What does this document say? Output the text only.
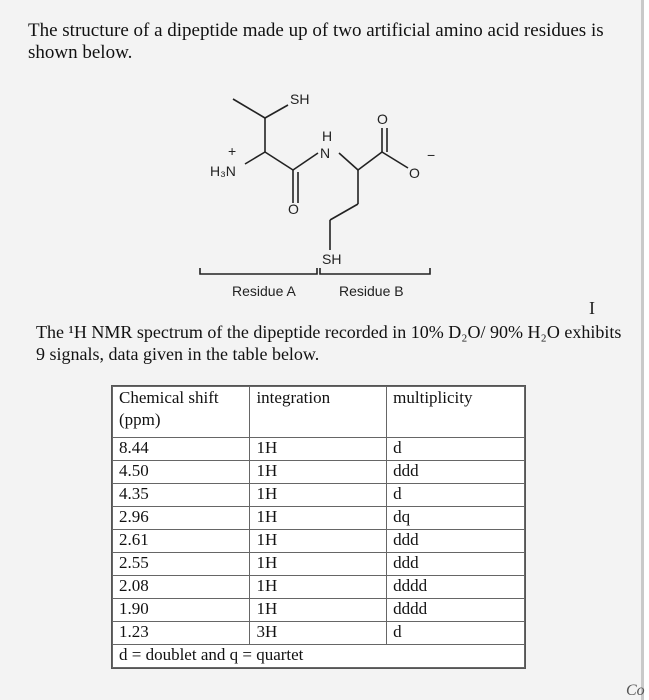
The structure of a dipeptide made up of two artificial amino acid residues is shown below.
SH
+
H₃N
O
H
N
O
O
−
SH
Residue A	Residue B
I
The ¹H NMR spectrum of the dipeptide recorded in 10% D₂O/ 90% H₂O exhibits 9 signals, data given in the table below.
Chemical shift (ppm)	integration	multiplicity
8.44	1H	d
4.50	1H	ddd
4.35	1H	d
2.96	1H	dq
2.61	1H	ddd
2.55	1H	ddd
2.08	1H	dddd
1.90	1H	dddd
1.23	3H	d
d = doublet and q = quartet		
Co
